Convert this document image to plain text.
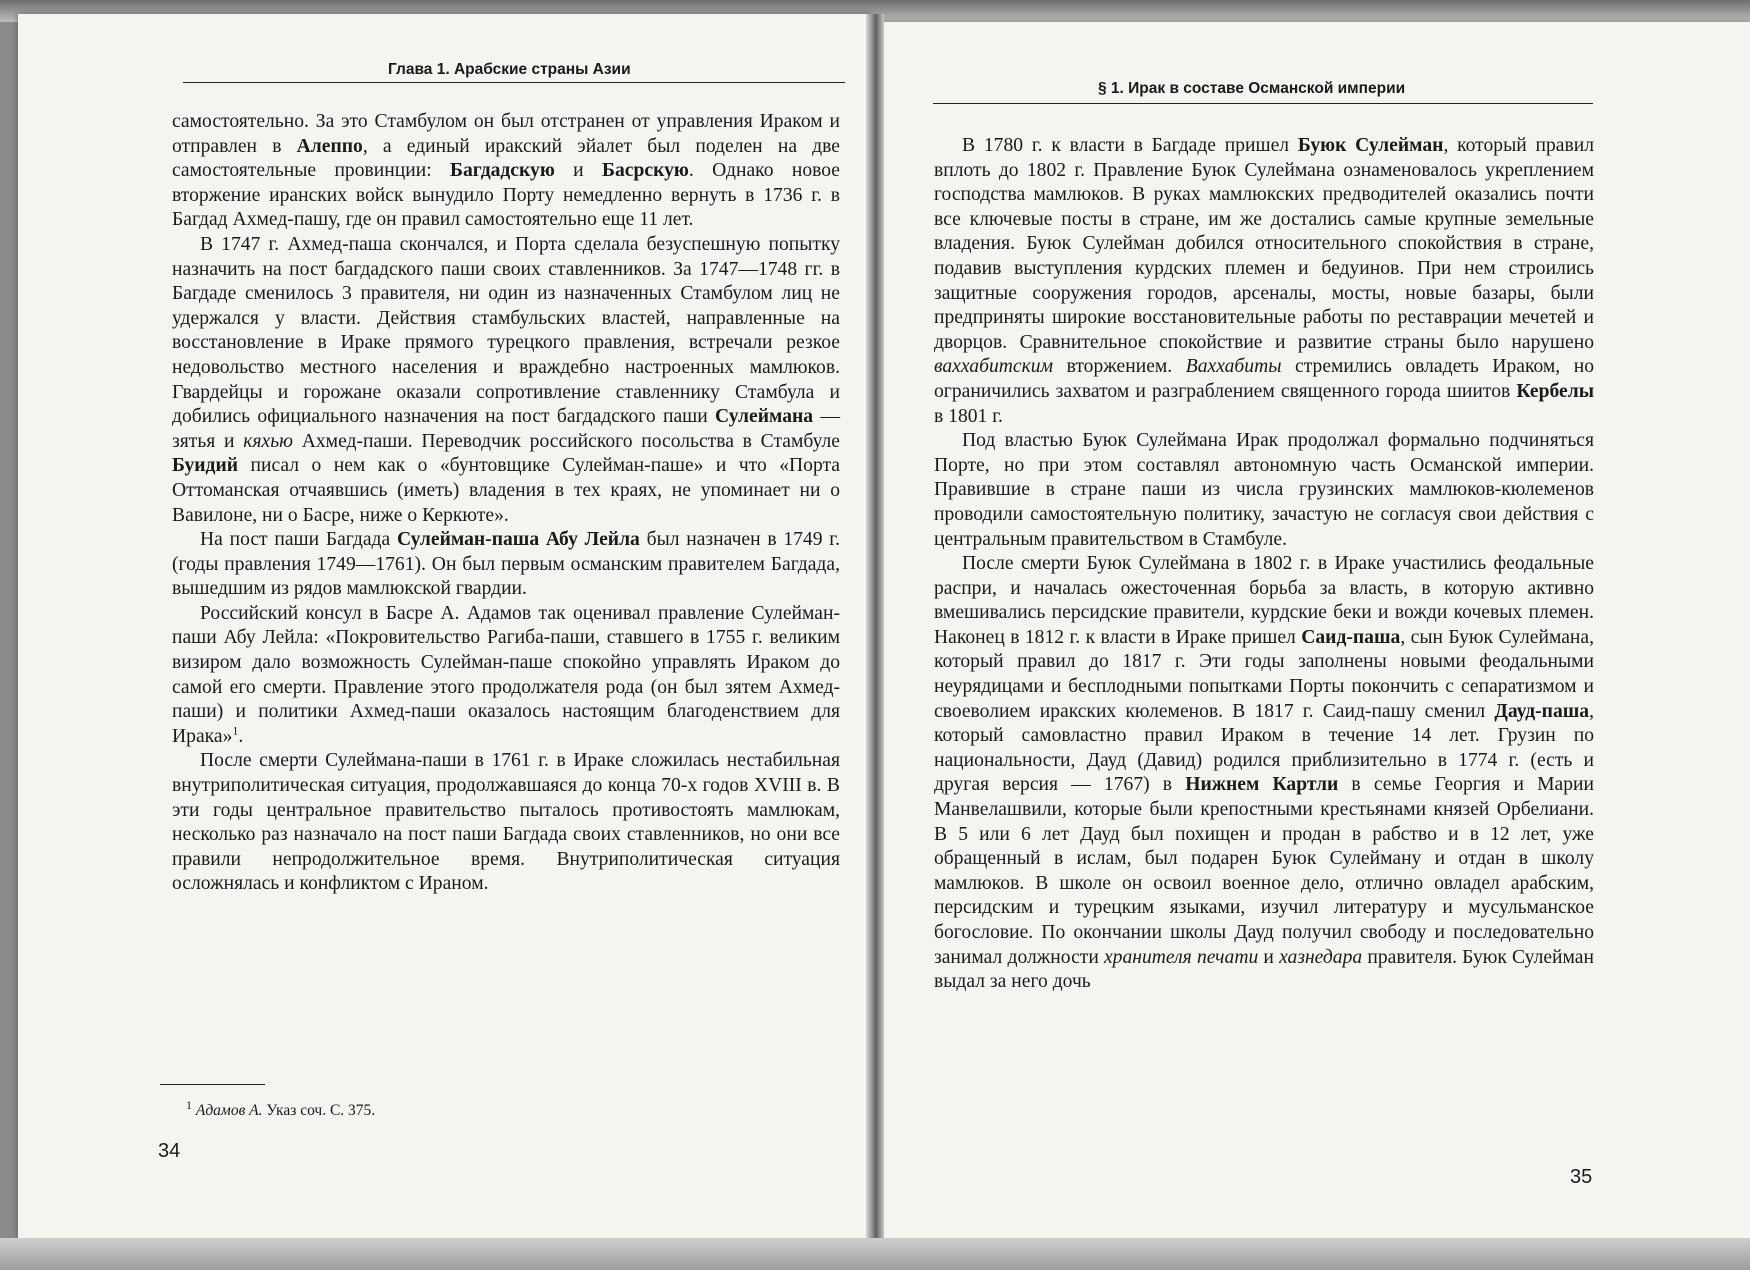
Глава 1. Арабские страны Азии

самостоятельно. За это Стамбулом он был отстранен от управления Ираком и отправлен в Алеппо, а единый иракский эйалет был поделен на две самостоятельные провинции: Багдадскую и Басрскую. Однако новое вторжение иранских войск вынудило Порту немедленно вернуть в 1736 г. в Багдад Ахмед-пашу, где он правил самостоятельно еще 11 лет.

В 1747 г. Ахмед-паша скончался, и Порта сделала безуспешную попытку назначить на пост багдадского паши своих ставленников. За 1747—1748 гг. в Багдаде сменилось 3 правителя, ни один из назначенных Стамбулом лиц не удержался у власти. Действия стамбульских властей, направленные на восстановление в Ираке прямого турецкого правления, встречали резкое недовольство местного населения и враждебно настроенных мамлюков. Гвардейцы и горожане оказали сопротивление ставленнику Стамбула и добились официального назначения на пост багдадского паши Сулеймана — зятья и кяхью Ахмед-паши. Переводчик российского посольства в Стамбуле Буидий писал о нем как о «бунтовщике Сулейман-паше» и что «Порта Оттоманская отчаявшись (иметь) владения в тех краях, не упоминает ни о Вавилоне, ни о Басре, ниже о Керкюте».

На пост паши Багдада Сулейман-паша Абу Лейла был назначен в 1749 г. (годы правления 1749—1761). Он был первым османским правителем Багдада, вышедшим из рядов мамлюкской гвардии.

Российский консул в Басре А. Адамов так оценивал правление Сулейман-паши Абу Лейла: «Покровительство Рагиба-паши, ставшего в 1755 г. великим визиром дало возможность Сулейман-паше спокойно управлять Ираком до самой его смерти. Правление этого продолжателя рода (он был зятем Ахмед-паши) и политики Ахмед-паши оказалось настоящим благоденствием для Ирака»$^1$.

После смерти Сулеймана-паши в 1761 г. в Ираке сложилась нестабильная внутриполитическая ситуация, продолжавшаяся до конца 70-х годов XVIII в. В эти годы центральное правительство пыталось противостоять мамлюкам, несколько раз назначало на пост паши Багдада своих ставленников, но они все правили непродолжительное время. Внутриполитическая ситуация осложнялась и конфликтом с Ираном.

$^1$ Адамов А. Указ соч. С. 375.
34
§ 1. Ирак в составе Османской империи

В 1780 г. к власти в Багдаде пришел Буюк Сулейман, который правил вплоть до 1802 г. Правление Буюк Сулеймана ознаменовалось укреплением господства мамлюков. В руках мамлюкских предводителей оказались почти все ключевые посты в стране, им же достались самые крупные земельные владения. Буюк Сулейман добился относительного спокойствия в стране, подавив выступления курдских племен и бедуинов. При нем строились защитные сооружения городов, арсеналы, мосты, новые базары, были предприняты широкие восстановительные работы по реставрации мечетей и дворцов. Сравнительное спокойствие и развитие страны было нарушено ваххабитским вторжением. Ваххабиты стремились овладеть Ираком, но ограничились захватом и разграблением священного города шиитов Кербелы в 1801 г.

Под властью Буюк Сулеймана Ирак продолжал формально подчиняться Порте, но при этом составлял автономную часть Османской империи. Правившие в стране паши из числа грузинских мамлюков-кюлеменов проводили самостоятельную политику, зачастую не согласуя свои действия с центральным правительством в Стамбуле.

После смерти Буюк Сулеймана в 1802 г. в Ираке участились феодальные распри, и началась ожесточенная борьба за власть, в которую активно вмешивались персидские правители, курдские беки и вожди кочевых племен. Наконец в 1812 г. к власти в Ираке пришел Саид-паша, сын Буюк Сулеймана, который правил до 1817 г. Эти годы заполнены новыми феодальными неурядицами и бесплодными попытками Порты покончить с сепаратизмом и своеволием иракских кюлеменов. В 1817 г. Саид-пашу сменил Дауд-паша, который самовластно правил Ираком в течение 14 лет. Грузин по национальности, Дауд (Давид) родился приблизительно в 1774 г. (есть и другая версия — 1767) в Нижнем Картли в семье Георгия и Марии Манвелашвили, которые были крепостными крестьянами князей Орбелиани. В 5 или 6 лет Дауд был похищен и продан в рабство и в 12 лет, уже обращенный в ислам, был подарен Буюк Сулейману и отдан в школу мамлюков. В школе он освоил военное дело, отлично овладел арабским, персидским и турецким языками, изучил литературу и мусульманское богословие. По окончании школы Дауд получил свободу и последовательно занимал должности хранителя печати и хазнедара правителя. Буюк Сулейман выдал за него дочь

35
